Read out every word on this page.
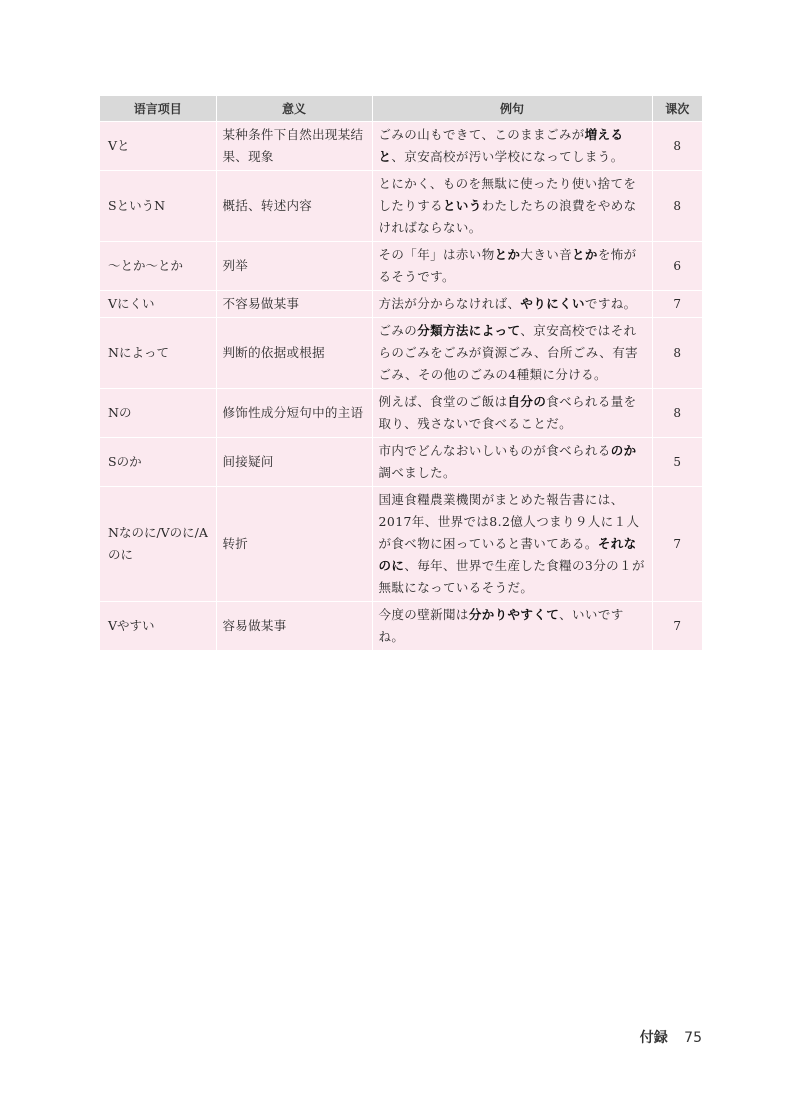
语言项目	意义	例句	课次
Vと	某种条件下自然出现某结果、现象	ごみの山もできて、このままごみが増えると、京安高校が汚い学校になってしまう。	8
SというN	概括、转述内容	とにかく、ものを無駄に使ったり使い捨てをしたりするというわたしたちの浪費をやめなければならない。	8
～とか～とか	列举	その「年」は赤い物とか大きい音とかを怖がるそうです。	6
Vにくい	不容易做某事	方法が分からなければ、やりにくいですね。	7
Nによって	判断的依据或根据	ごみの分類方法によって、京安高校ではそれらのごみをごみが資源ごみ、台所ごみ、有害ごみ、その他のごみの4種類に分ける。	8
Nの	修饰性成分短句中的主语	例えば、食堂のご飯は自分の食べられる量を取り、残さないで食べることだ。	8
Sのか	间接疑问	市内でどんなおいしいものが食べられるのか調べました。	5
Nなのに/Vのに/Aのに	转折	国連食糧農業機関がまとめた報告書には、2017年、世界では8.2億人つまり９人に１人が食べ物に困っていると書いてある。それなのに、毎年、世界で生産した食糧の3分の１が無駄になっているそうだ。	7
Vやすい	容易做某事	今度の壁新聞は分かりやすくて、いいですね。	7
付録 75
